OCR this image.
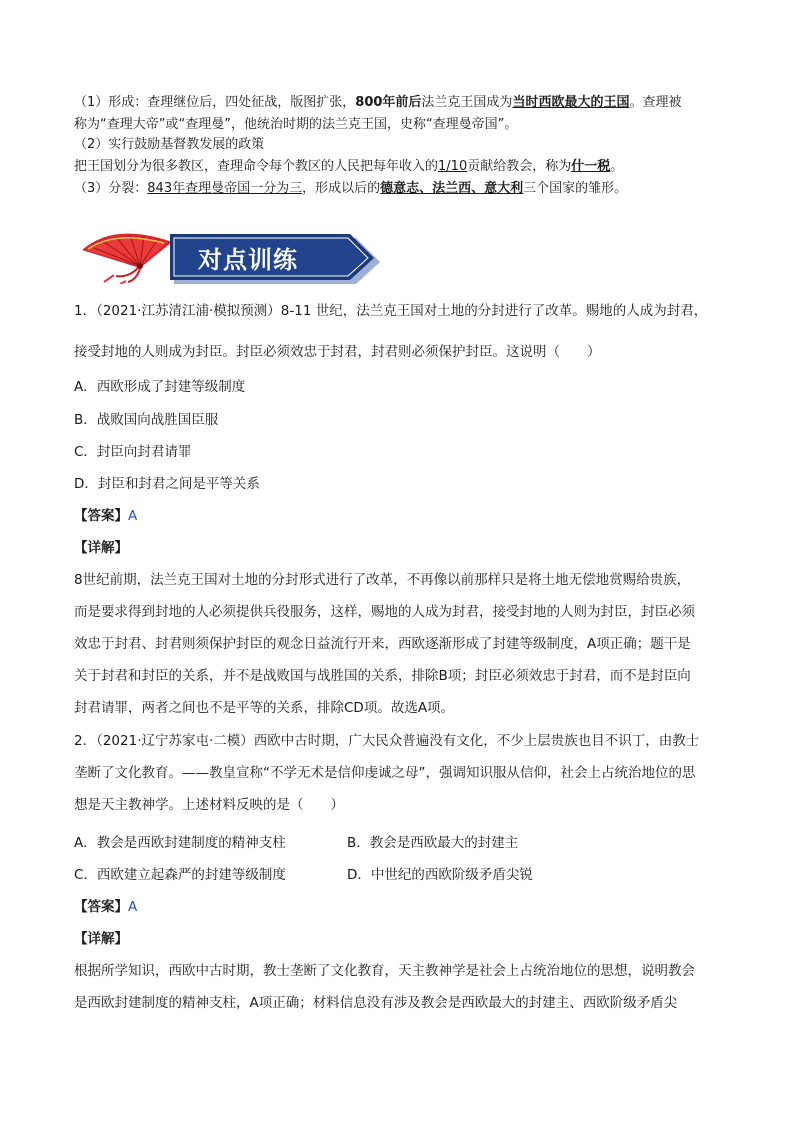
（1）形成：查理继位后，四处征战，版图扩张，800年前后法兰克王国成为当时西欧最大的王国。查理被
称为“查理大帝”或“查理曼”，他统治时期的法兰克王国，史称“查理曼帝国”。
（2）实行鼓励基督教发展的政策
把王国划分为很多教区，查理命令每个教区的人民把每年收入的1/10贡献给教会，称为什一税。
（3）分裂：843年查理曼帝国一分为三，形成以后的德意志、法兰西、意大利三个国家的雏形。
对点训练
1．（2021·江苏清江浦·模拟预测）8-11 世纪，法兰克王国对土地的分封进行了改革。赐地的人成为封君，
接受封地的人则成为封臣。封臣必须效忠于封君，封君则必须保护封臣。这说明（　　）
A．西欧形成了封建等级制度
B．战败国向战胜国臣服
C．封臣向封君请罪
D．封臣和封君之间是平等关系
【答案】A
【详解】
8世纪前期，法兰克王国对土地的分封形式进行了改革，不再像以前那样只是将土地无偿地赏赐给贵族，
而是要求得到封地的人必须提供兵役服务，这样，赐地的人成为封君，接受封地的人则为封臣，封臣必须
效忠于封君、封君则须保护封臣的观念日益流行开来，西欧逐渐形成了封建等级制度，A项正确；题干是
关于封君和封臣的关系，并不是战败国与战胜国的关系，排除B项；封臣必须效忠于封君，而不是封臣向
封君请罪，两者之间也不是平等的关系，排除CD项。故选A项。
2．（2021·辽宁苏家屯·二模）西欧中古时期，广大民众普遍没有文化，不少上层贵族也目不识丁，由教士
垄断了文化教育。——教皇宣称“不学无术是信仰虔诚之母”，强调知识服从信仰，社会上占统治地位的思
想是天主教神学。上述材料反映的是（　　）
A．教会是西欧封建制度的精神支柱	B．教会是西欧最大的封建主
C．西欧建立起森严的封建等级制度	D．中世纪的西欧阶级矛盾尖锐
【答案】A
【详解】
根据所学知识，西欧中古时期，教士垄断了文化教育，天主教神学是社会上占统治地位的思想，说明教会
是西欧封建制度的精神支柱，A项正确；材料信息没有涉及教会是西欧最大的封建主、西欧阶级矛盾尖
